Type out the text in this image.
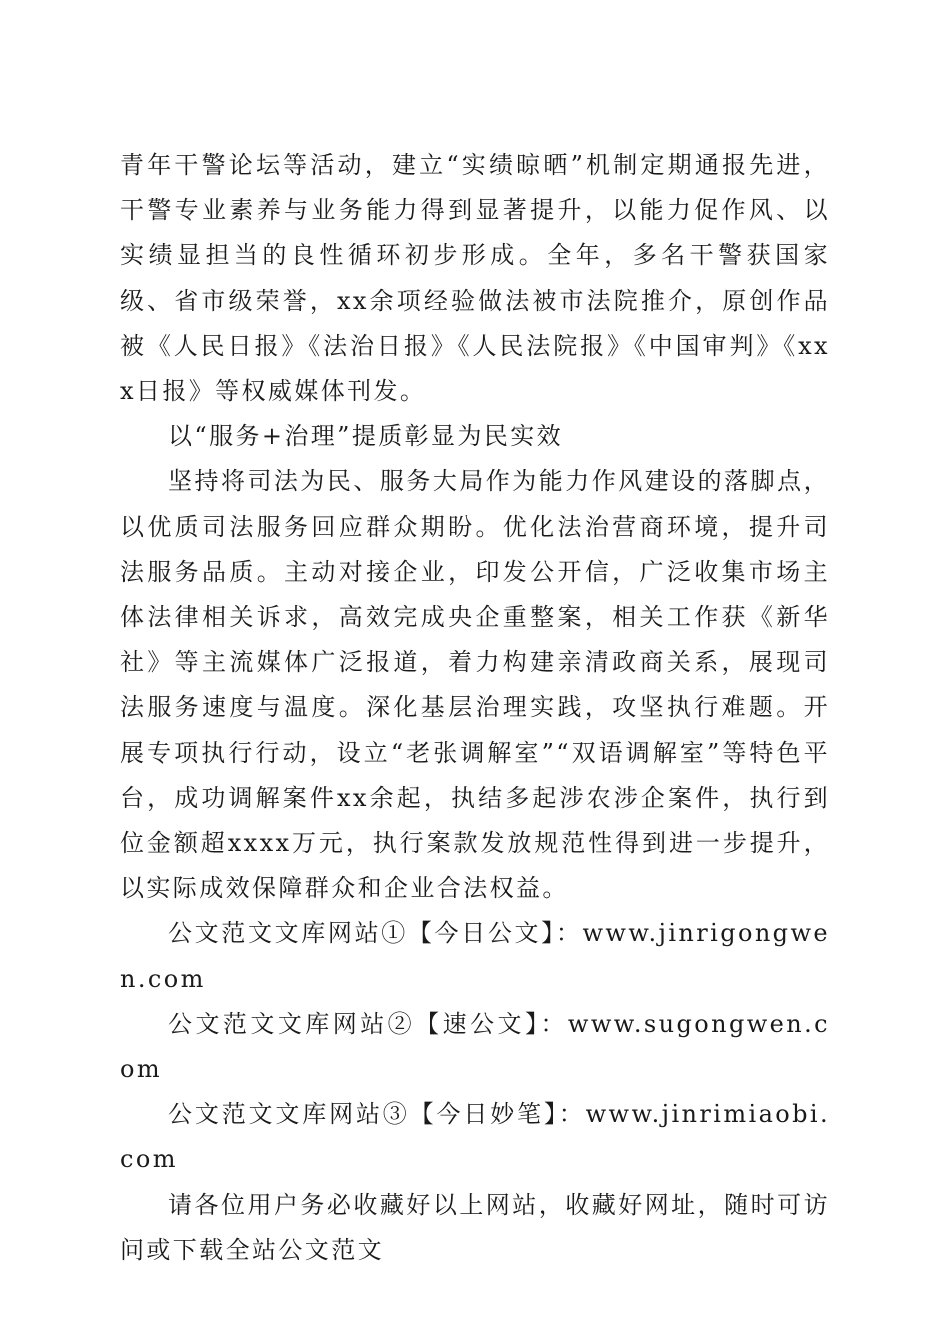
青年干警论坛等活动，建立“实绩晾晒”机制定期通报先进，干警专业素养与业务能力得到显著提升，以能力促作风、以实绩显担当的良性循环初步形成。全年，多名干警获国家级、省市级荣誉，xx余项经验做法被市法院推介，原创作品被《人民日报》《法治日报》《人民法院报》《中国审判》《xxx日报》等权威媒体刊发。

以“服务+治理”提质彰显为民实效

坚持将司法为民、服务大局作为能力作风建设的落脚点，以优质司法服务回应群众期盼。优化法治营商环境，提升司法服务品质。主动对接企业，印发公开信，广泛收集市场主体法律相关诉求，高效完成央企重整案，相关工作获《新华社》等主流媒体广泛报道，着力构建亲清政商关系，展现司法服务速度与温度。深化基层治理实践，攻坚执行难题。开展专项执行行动，设立“老张调解室”“双语调解室”等特色平台，成功调解案件xx余起，执结多起涉农涉企案件，执行到位金额超xxxx万元，执行案款发放规范性得到进一步提升，以实际成效保障群众和企业合法权益。

公文范文文库网站①【今日公文】：www.jinrigongwen.com

公文范文文库网站②【速公文】：www.sugongwen.com

公文范文文库网站③【今日妙笔】：www.jinrimiaobi.com

请各位用户务必收藏好以上网站，收藏好网址，随时可访问或下载全站公文范文
